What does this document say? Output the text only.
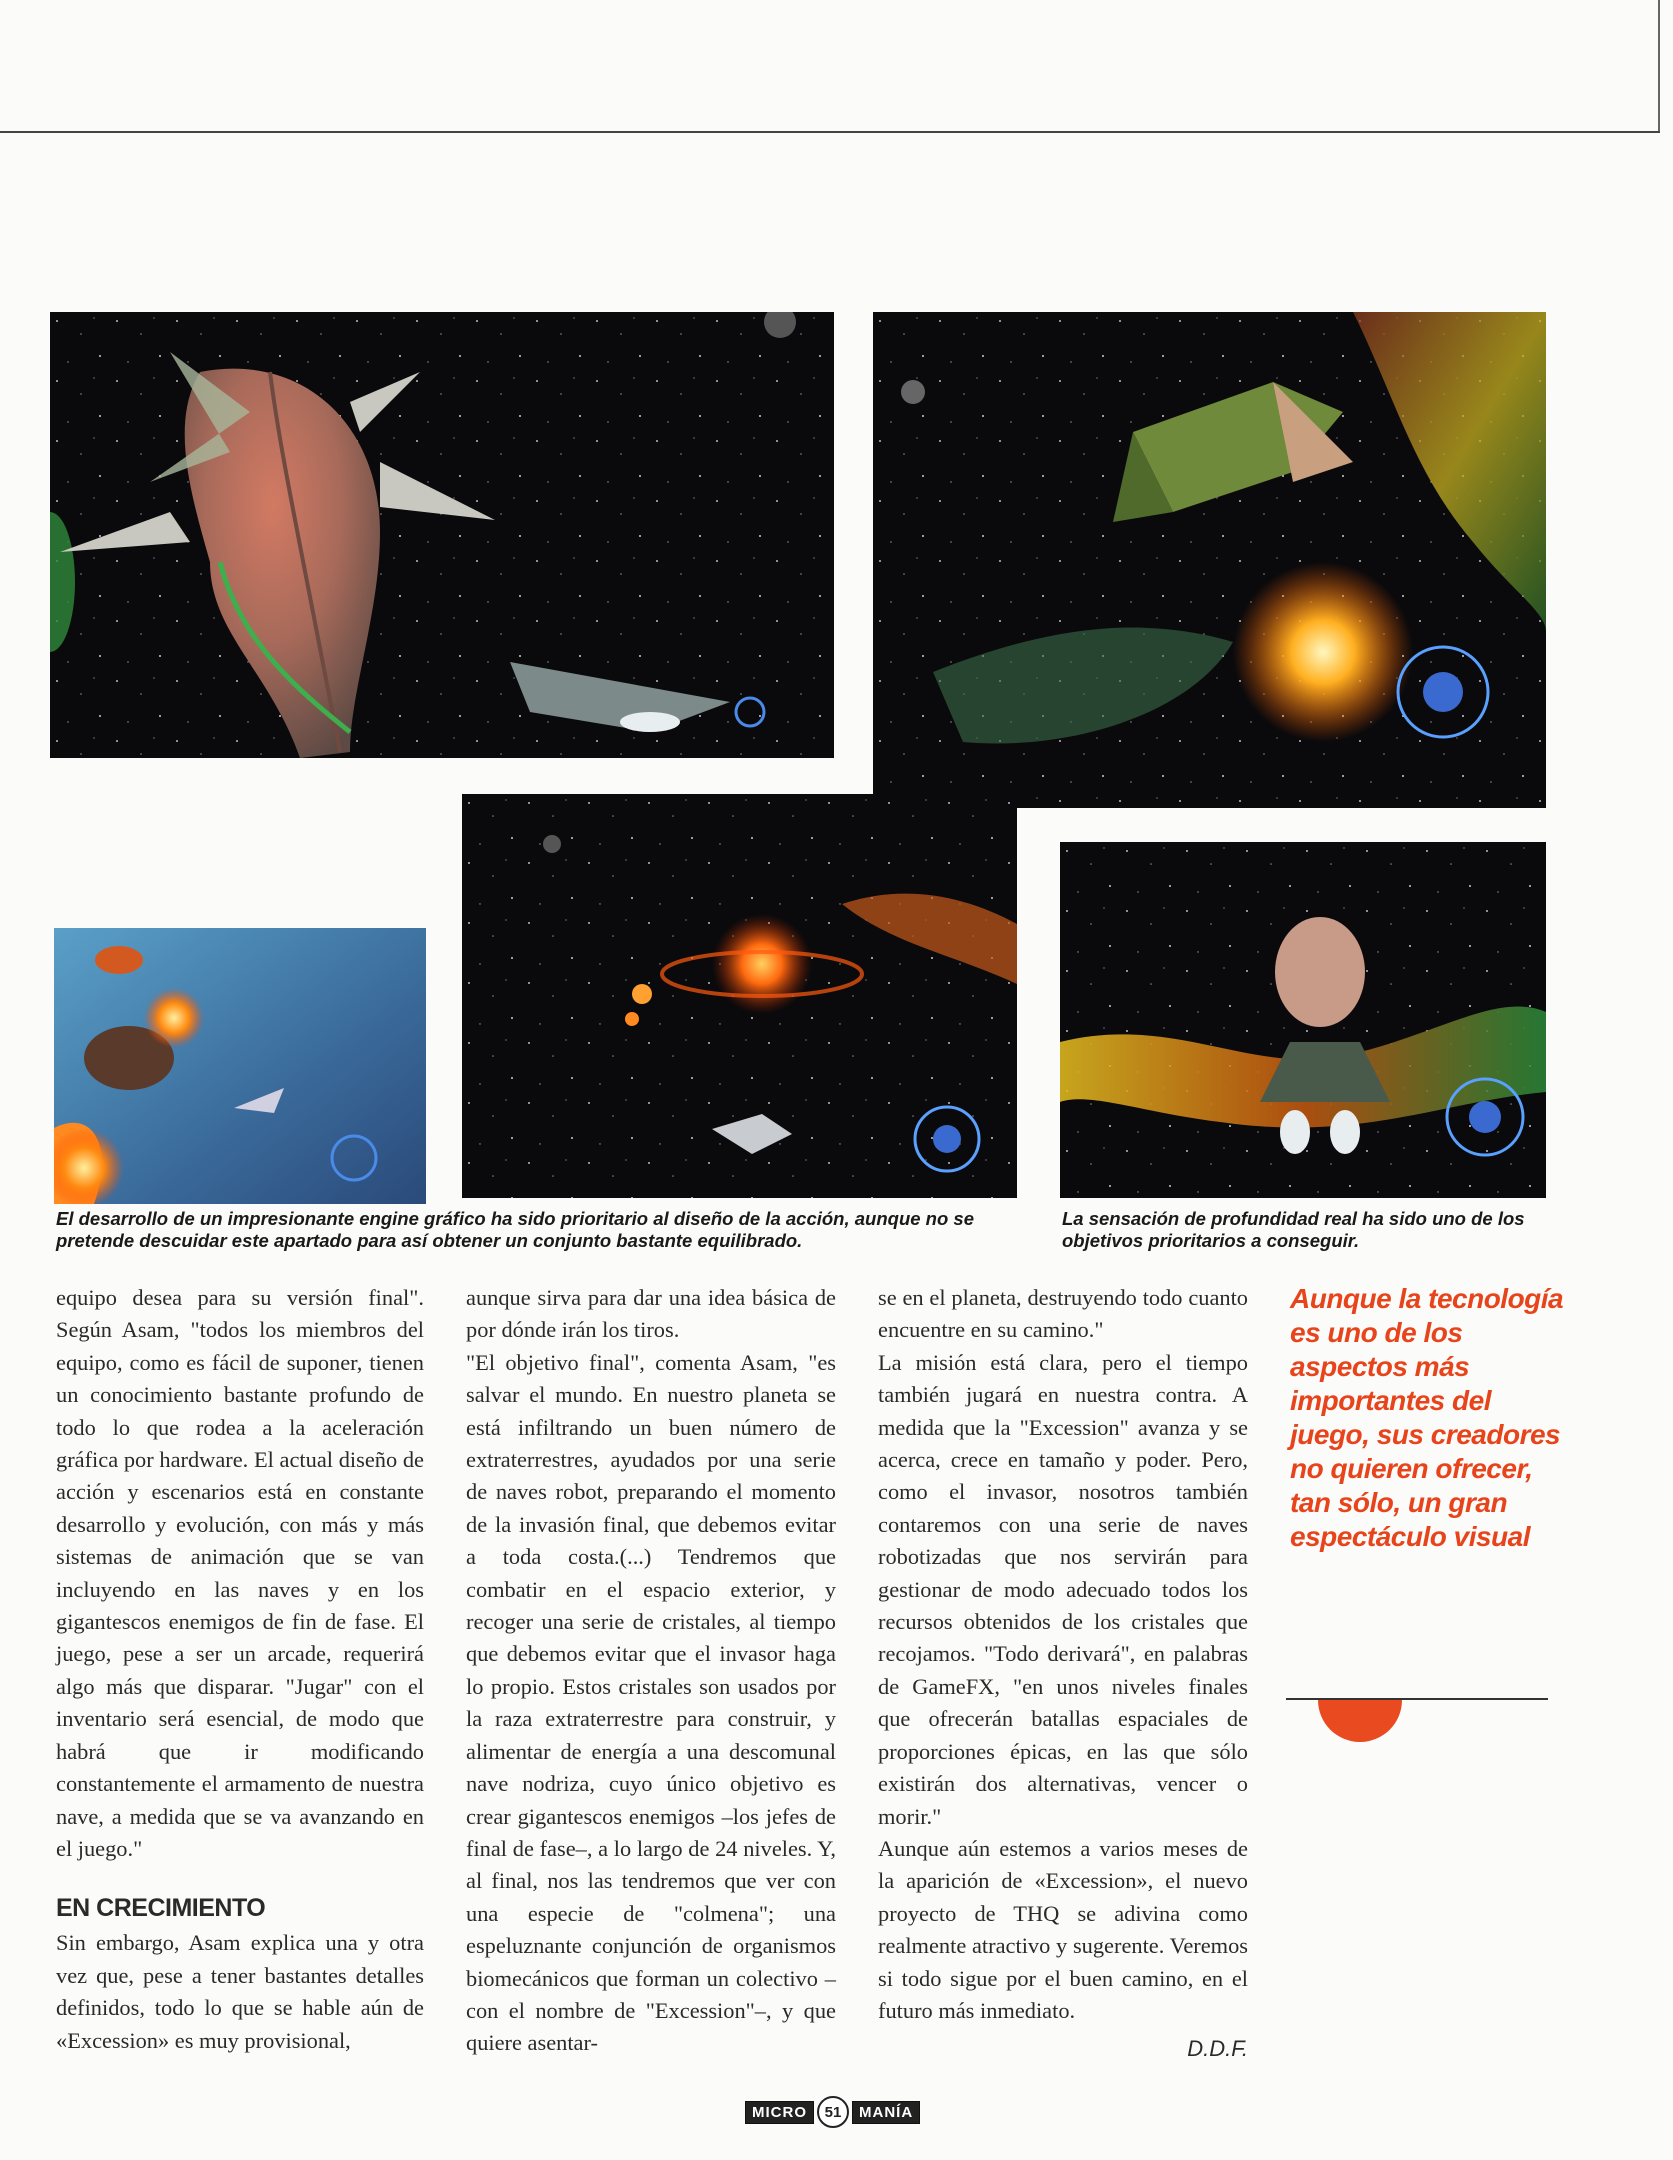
El desarrollo de un impresionante engine gráfico ha sido prioritario al diseño de la acción, aunque no se pretende descuidar este apartado para así obtener un conjunto bastante equilibrado.

La sensación de profundidad real ha sido uno de los objetivos prioritarios a conseguir.

equipo desea para su versión final". Según Asam, "todos los miembros del equipo, como es fácil de suponer, tienen un conocimiento bastante profundo de todo lo que rodea a la aceleración gráfica por hardware. El actual diseño de acción y escenarios está en constante desarrollo y evolución, con más y más sistemas de animación que se van incluyendo en las naves y en los gigantescos enemigos de fin de fase. El juego, pese a ser un arcade, requerirá algo más que disparar. "Jugar" con el inventario será esencial, de modo que habrá que ir modificando constantemente el armamento de nuestra nave, a medida que se va avanzando en el juego."

EN CRECIMIENTO

Sin embargo, Asam explica una y otra vez que, pese a tener bastantes detalles definidos, todo lo que se hable aún de «Excession» es muy provisional,

aunque sirva para dar una idea básica de por dónde irán los tiros.

"El objetivo final", comenta Asam, "es salvar el mundo. En nuestro planeta se está infiltrando un buen número de extraterrestres, ayudados por una serie de naves robot, preparando el momento de la invasión final, que debemos evitar a toda costa.(...) Tendremos que combatir en el espacio exterior, y recoger una serie de cristales, al tiempo que debemos evitar que el invasor haga lo propio. Estos cristales son usados por la raza extraterrestre para construir, y alimentar de energía a una descomunal nave nodriza, cuyo único objetivo es crear gigantescos enemigos –los jefes de final de fase–, a lo largo de 24 niveles. Y, al final, nos las tendremos que ver con una especie de "colmena"; una espeluznante conjunción de organismos biomecánicos que forman un colectivo –con el nombre de "Excession"–, y que quiere asentar-

se en el planeta, destruyendo todo cuanto encuentre en su camino."

La misión está clara, pero el tiempo también jugará en nuestra contra. A medida que la "Excession" avanza y se acerca, crece en tamaño y poder. Pero, como el invasor, nosotros también contaremos con una serie de naves robotizadas que nos servirán para gestionar de modo adecuado todos los recursos obtenidos de los cristales que recojamos. "Todo derivará", en palabras de GameFX, "en unos niveles finales que ofrecerán batallas espaciales de proporciones épicas, en las que sólo existirán dos alternativas, vencer o morir."

Aunque aún estemos a varios meses de la aparición de «Excession», el nuevo proyecto de THQ se adivina como realmente atractivo y sugerente. Veremos si todo sigue por el buen camino, en el futuro más inmediato.

D.D.F.

Aunque la tecnología es uno de los aspectos más importantes del juego, sus creadores no quieren ofrecer, tan sólo, un gran espectáculo visual

MICRO	51	MANÍA
